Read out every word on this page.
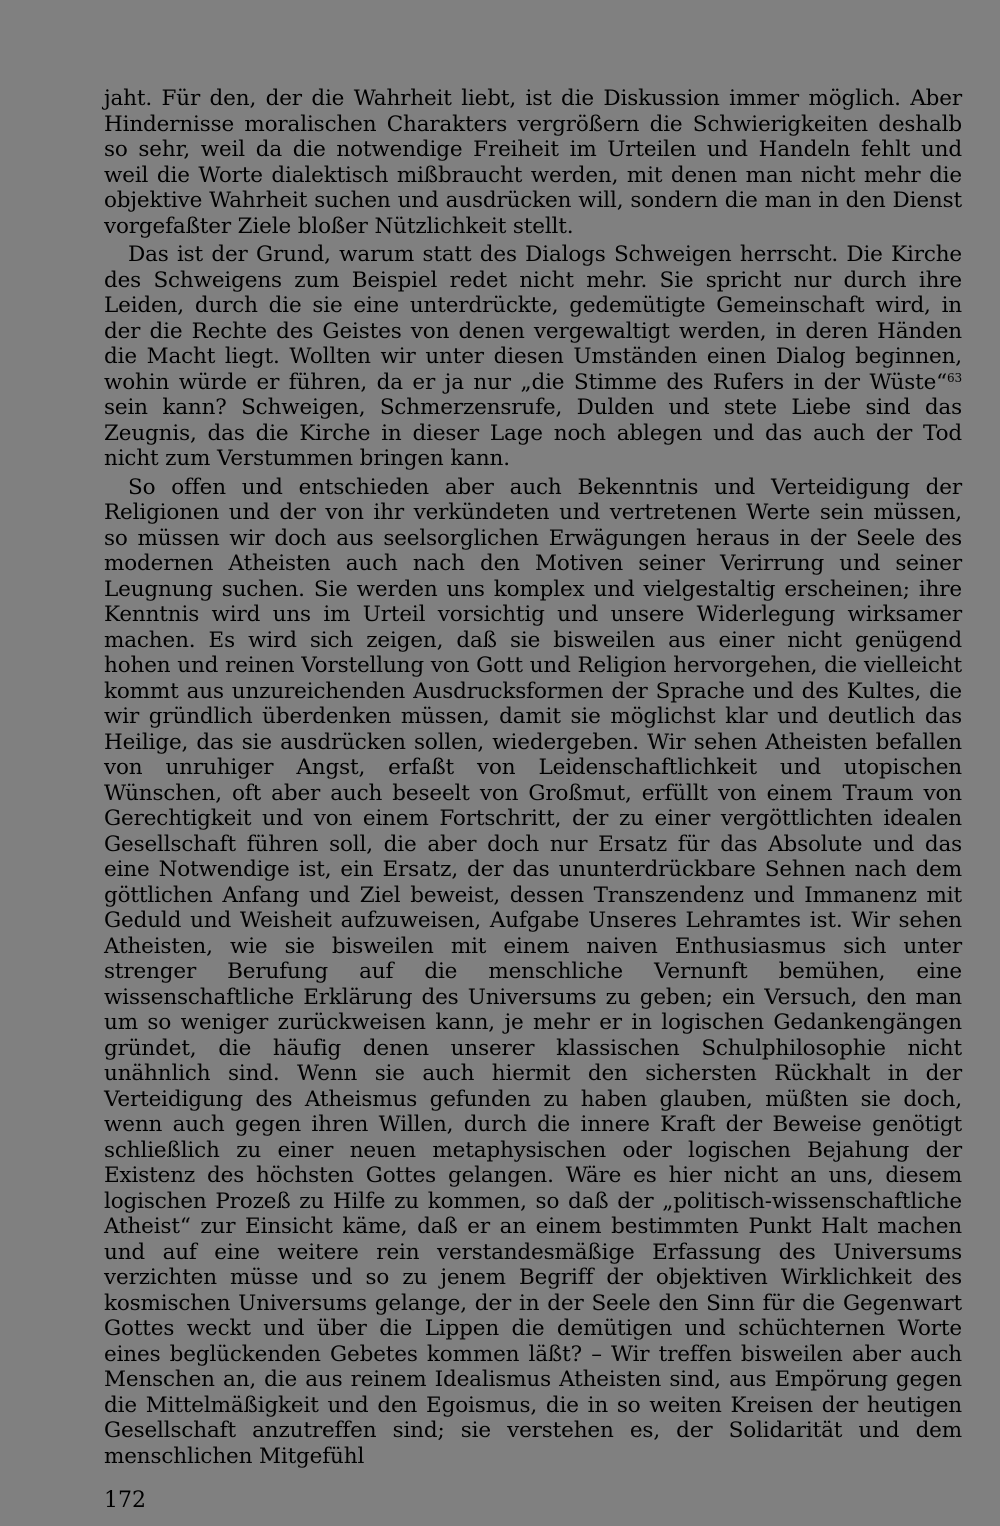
jaht. Für den, der die Wahrheit liebt, ist die Diskussion immer möglich. Aber Hindernisse moralischen Charakters vergrößern die Schwierigkeiten deshalb so sehr, weil da die notwendige Freiheit im Urteilen und Handeln fehlt und weil die Worte dialektisch mißbraucht werden, mit denen man nicht mehr die objektive Wahrheit suchen und ausdrücken will, sondern die man in den Dienst vorgefaßter Ziele bloßer Nützlichkeit stellt.

Das ist der Grund, warum statt des Dialogs Schweigen herrscht. Die Kirche des Schweigens zum Beispiel redet nicht mehr. Sie spricht nur durch ihre Leiden, durch die sie eine unterdrückte, gedemütigte Gemeinschaft wird, in der die Rechte des Geistes von denen vergewaltigt werden, in deren Händen die Macht liegt. Wollten wir unter diesen Umständen einen Dialog beginnen, wohin würde er führen, da er ja nur „die Stimme des Rufers in der Wüste“$^{63}$ sein kann? Schweigen, Schmerzensrufe, Dulden und stete Liebe sind das Zeugnis, das die Kirche in dieser Lage noch ablegen und das auch der Tod nicht zum Verstummen bringen kann.

So offen und entschieden aber auch Bekenntnis und Verteidigung der Religionen und der von ihr verkündeten und vertretenen Werte sein müssen, so müssen wir doch aus seelsorglichen Erwägungen heraus in der Seele des modernen Atheisten auch nach den Motiven seiner Verirrung und seiner Leugnung suchen. Sie werden uns komplex und vielgestaltig erscheinen; ihre Kenntnis wird uns im Urteil vorsichtig und unsere Widerlegung wirksamer machen. Es wird sich zeigen, daß sie bisweilen aus einer nicht genügend hohen und reinen Vorstellung von Gott und Religion hervorgehen, die vielleicht kommt aus unzureichenden Ausdrucksformen der Sprache und des Kultes, die wir gründlich überdenken müssen, damit sie möglichst klar und deutlich das Heilige, das sie ausdrücken sollen, wiedergeben. Wir sehen Atheisten befallen von unruhiger Angst, erfaßt von Leidenschaftlichkeit und utopischen Wünschen, oft aber auch beseelt von Großmut, erfüllt von einem Traum von Gerechtigkeit und von einem Fortschritt, der zu einer vergöttlichten idealen Gesellschaft führen soll, die aber doch nur Ersatz für das Absolute und das eine Notwendige ist, ein Ersatz, der das ununterdrückbare Sehnen nach dem göttlichen Anfang und Ziel beweist, dessen Transzendenz und Immanenz mit Geduld und Weisheit aufzuweisen, Aufgabe Unseres Lehramtes ist. Wir sehen Atheisten, wie sie bisweilen mit einem naiven Enthusiasmus sich unter strenger Berufung auf die menschliche Vernunft bemühen, eine wissenschaftliche Erklärung des Universums zu geben; ein Versuch, den man um so weniger zurückweisen kann, je mehr er in logischen Gedankengängen gründet, die häufig denen unserer klassischen Schulphilosophie nicht unähnlich sind. Wenn sie auch hiermit den sichersten Rückhalt in der Verteidigung des Atheismus gefunden zu haben glauben, müßten sie doch, wenn auch gegen ihren Willen, durch die innere Kraft der Beweise genötigt schließlich zu einer neuen metaphysischen oder logischen Bejahung der Existenz des höchsten Gottes gelangen. Wäre es hier nicht an uns, diesem logischen Prozeß zu Hilfe zu kommen, so daß der „politisch-wissenschaftliche Atheist“ zur Einsicht käme, daß er an einem bestimmten Punkt Halt machen und auf eine weitere rein verstandesmäßige Erfassung des Universums verzichten müsse und so zu jenem Begriff der objektiven Wirklichkeit des kosmischen Universums gelange, der in der Seele den Sinn für die Gegenwart Gottes weckt und über die Lippen die demütigen und schüchternen Worte eines beglückenden Gebetes kommen läßt? – Wir treffen bisweilen aber auch Menschen an, die aus reinem Idealismus Atheisten sind, aus Empörung gegen die Mittelmäßigkeit und den Egoismus, die in so weiten Kreisen der heutigen Gesellschaft anzutreffen sind; sie verstehen es, der Solidarität und dem menschlichen Mitgefühl

172
